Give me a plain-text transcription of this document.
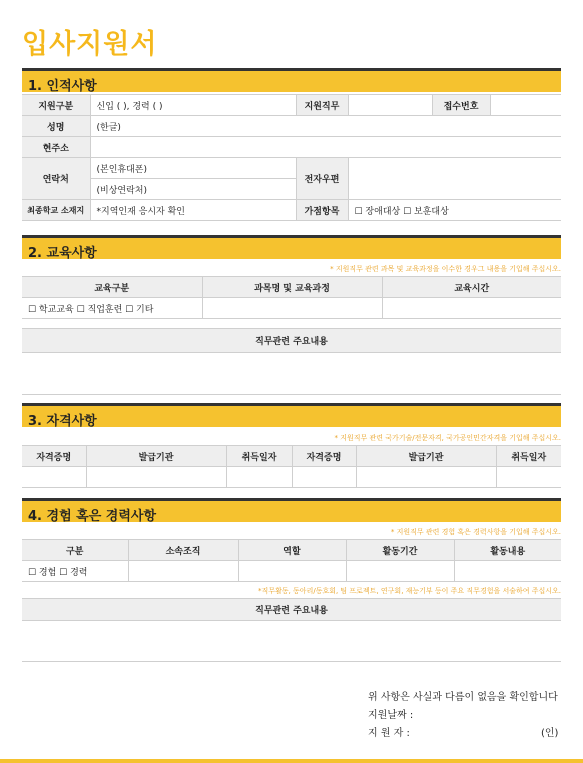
입사지원서
1. 인적사항
지원구분	신입 ( ), 경력 ( )	지원직무		접수번호	
성명	(한글)				
현주소					
연락처	(본인휴대폰)	전자우편			
	(비상연락처)				
최종학교 소재지	*지역인재 응시자 확인	가점항목	☐ 장애대상 ☐ 보훈대상		
2. 교육사항
* 지원직무 관련 과목 및 교육과정을 이수한 경우그 내용을 기입해 주십시오.
교육구분	과목명 및 교육과정	교육시간
☐ 학교교육 ☐ 직업훈련 ☐ 기타		
직무관련 주요내용
3. 자격사항
* 지원직무 관련 국가기술/전문자격, 국가공인민간자격을 기입해 주십시오.
자격증명	발급기관	취득일자	자격증명	발급기관	취득일자

4. 경험 혹은 경력사항
* 지원직무 관련 경험 혹은 경력사항을 기입해 주십시오.
구분	소속조직	역할	활동기간	활동내용
☐ 경험 ☐ 경력				
*직무활동, 동아리/동호회, 팀 프로젝트, 연구회, 재능기부 등이 주요 직무경험을 서술하여 주십시오.
직무관련 주요내용
위 사항은 사실과 다름이 없음을 확인합니다
지원날짜 :
지 원 자 :	(인)
